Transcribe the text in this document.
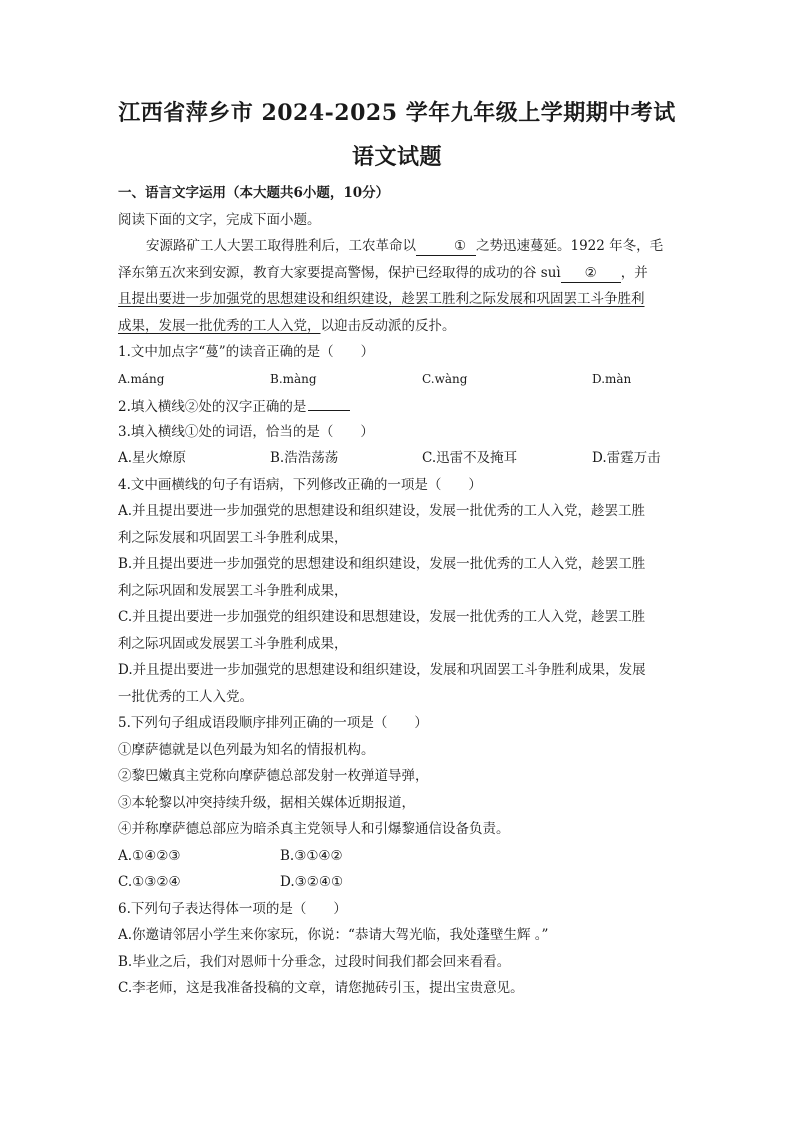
江西省萍乡市 2024-2025 学年九年级上学期期中考试
语文试题
一、语言文字运用（本大题共6小题，10分）
阅读下面的文字，完成下面小题。
安源路矿工人大罢工取得胜利后，工农革命以	① 之势迅速蔓延。1922 年冬，毛
泽东第五次来到安源，教育大家要提高警惕，保护已经取得的成功的谷 suì ② ，并
且提出要进一步加强党的思想建设和组织建设，趁罢工胜利之际发展和巩固罢工斗争胜利
成果，发展一批优秀的工人入党，以迎击反动派的反扑。
1.文中加点字“蔓”的读音正确的是（　　）
A.máng	B.màng	C.wàng	D.màn
2.填入横线②处的汉字正确的是
3.填入横线①处的词语，恰当的是（　　）
A.星火燎原	B.浩浩荡荡	C.迅雷不及掩耳	D.雷霆万击
4.文中画横线的句子有语病，下列修改正确的一项是（　　）
A.并且提出要进一步加强党的思想建设和组织建设，发展一批优秀的工人入党，趁罢工胜
利之际发展和巩固罢工斗争胜利成果，
B.并且提出要进一步加强党的思想建设和组织建设，发展一批优秀的工人入党，趁罢工胜
利之际巩固和发展罢工斗争胜利成果，
C.并且提出要进一步加强党的组织建设和思想建设，发展一批优秀的工人入党，趁罢工胜
利之际巩固或发展罢工斗争胜利成果，
D.并且提出要进一步加强党的思想建设和组织建设，发展和巩固罢工斗争胜利成果，发展
一批优秀的工人入党。
5.下列句子组成语段顺序排列正确的一项是（　　）
①摩萨德就是以色列最为知名的情报机构。
②黎巴嫩真主党称向摩萨德总部发射一枚弹道导弹，
③本轮黎以冲突持续升级，据相关媒体近期报道，
④并称摩萨德总部应为暗杀真主党领导人和引爆黎通信设备负责。
A.①④②③	B.③①④②
C.①③②④	D.③②④①
6.下列句子表达得体一项的是（　　）
A.你邀请邻居小学生来你家玩，你说：“恭请大驾光临，我处蓬壁生辉 。”
B.毕业之后，我们对恩师十分垂念，过段时间我们都会回来看看。
C.李老师，这是我准备投稿的文章，请您抛砖引玉，提出宝贵意见。
